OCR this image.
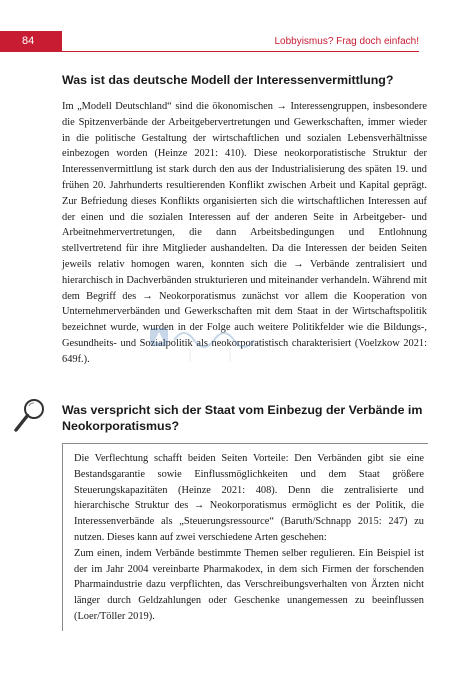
84	Lobbyismus? Frag doch einfach!
Was ist das deutsche Modell der Interessenvermittlung?

Im „Modell Deutschland“ sind die ökonomischen → Interessengruppen, insbesondere die Spitzenverbände der Arbeitgebervertretungen und Gewerkschaften, immer wieder in die politische Gestaltung der wirtschaftlichen und sozialen Lebensverhältnisse einbezogen worden (Heinze 2021: 410). Diese neokorporatistische Struktur der Interessenvermittlung ist stark durch den aus der Industrialisierung des späten 19. und frühen 20. Jahrhunderts resultierenden Konflikt zwischen Arbeit und Kapital geprägt. Zur Befriedung dieses Konflikts organisierten sich die wirtschaftlichen Interessen auf der einen und die sozialen Interessen auf der anderen Seite in Arbeitgeber- und Arbeitnehmervertretungen, die dann Arbeitsbedingungen und Entlohnung stellvertretend für ihre Mitglieder aushandelten. Da die Interessen der beiden Seiten jeweils relativ homogen waren, konnten sich die → Verbände zentralisiert und hierarchisch in Dachverbänden strukturieren und miteinander verhandeln. Während mit dem Begriff des → Neokorporatismus zunächst vor allem die Kooperation von Unternehmerverbänden und Gewerkschaften mit dem Staat in der Wirtschaftspolitik bezeichnet wurde, wurden in der Folge auch weitere Politikfelder wie die Bildungs-, Gesundheits- und Sozialpolitik als neokorporatistisch charakterisiert (Voelzkow 2021: 649f.).

Was verspricht sich der Staat vom Einbezug der Verbände im Neokorporatismus?

Die Verflechtung schafft beiden Seiten Vorteile: Den Verbänden gibt sie eine Bestandsgarantie sowie Einflussmöglichkeiten und dem Staat größere Steuerungskapazitäten (Heinze 2021: 408). Denn die zentralisierte und hierarchische Struktur des → Neokorporatismus ermöglicht es der Politik, die Interessenverbände als „Steuerungsressource“ (Baruth/Schnapp 2015: 247) zu nutzen. Dieses kann auf zwei verschiedene Arten geschehen:

Zum einen, indem Verbände bestimmte Themen selber regulieren. Ein Beispiel ist der im Jahr 2004 vereinbarte Pharmakodex, in dem sich Firmen der forschenden Pharmaindustrie dazu verpflichten, das Verschreibungsverhalten von Ärzten nicht länger durch Geldzahlungen oder Geschenke unangemessen zu beeinflussen (Loer/Töller 2019).
